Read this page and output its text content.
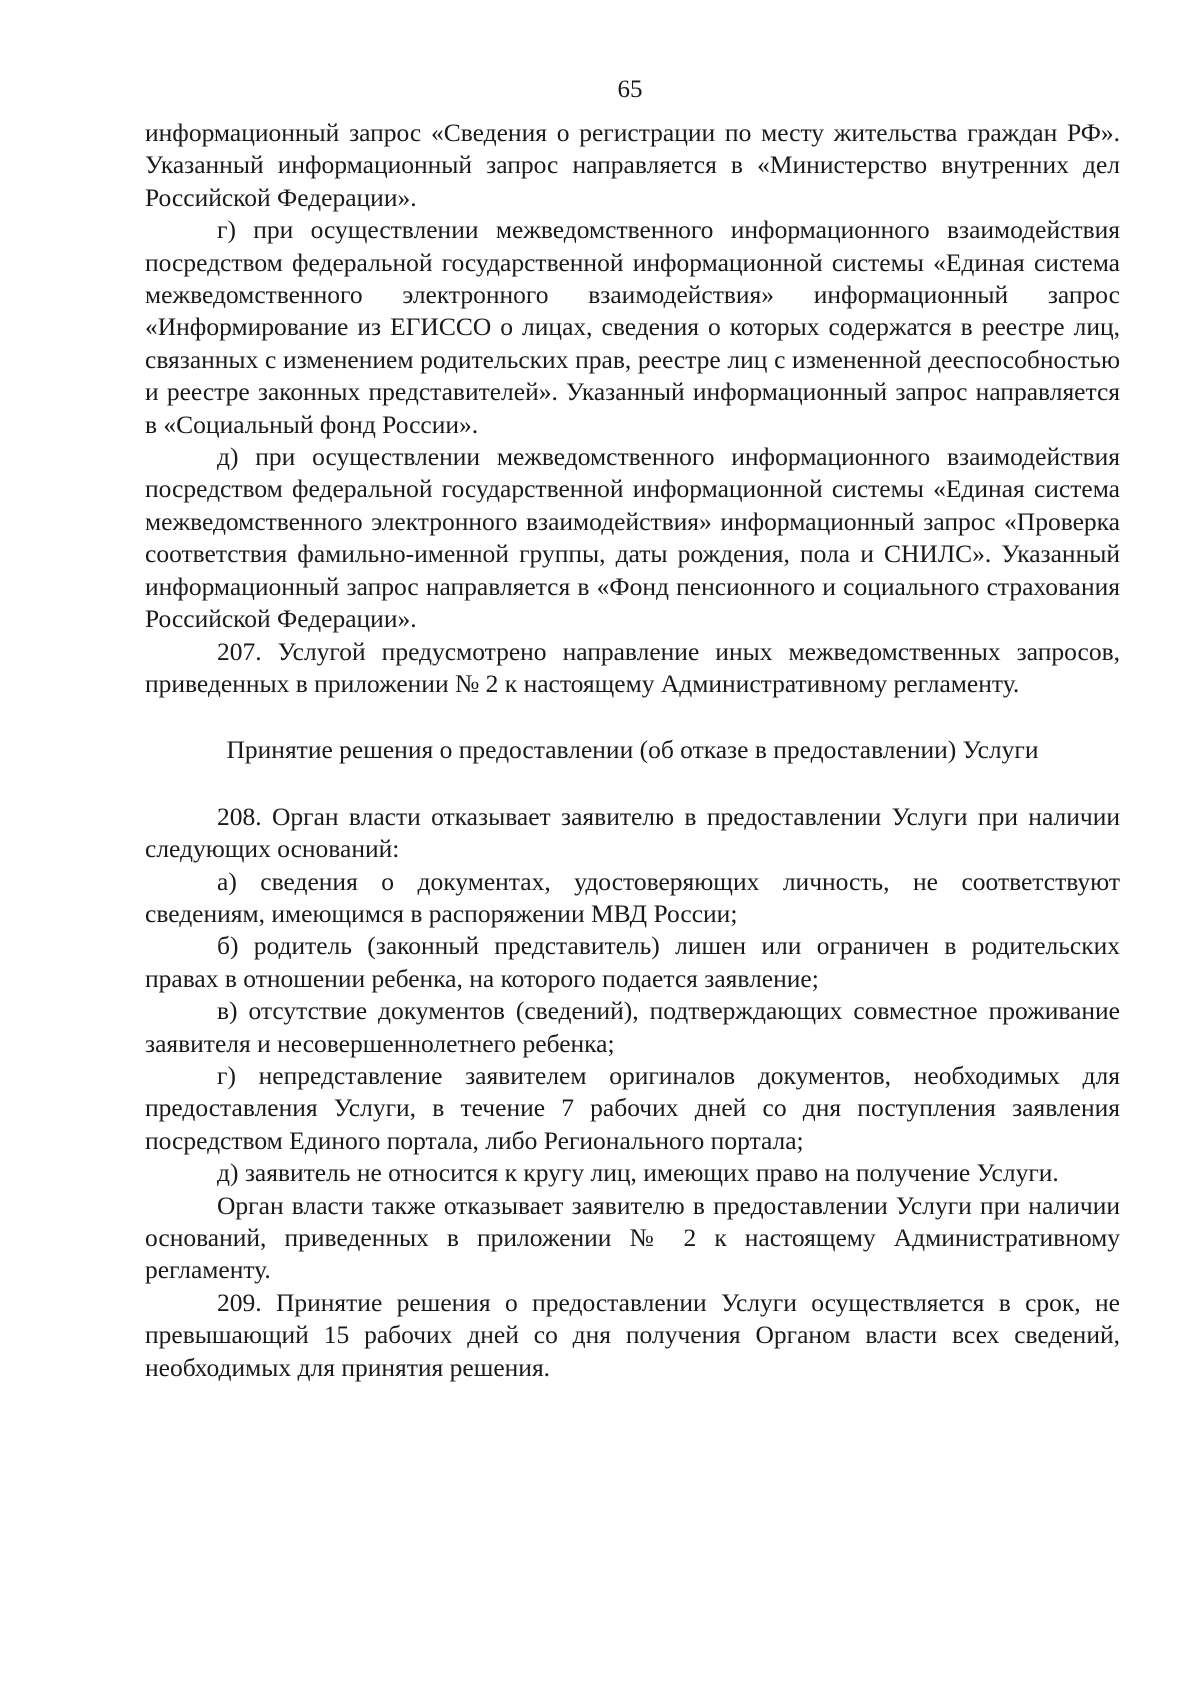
65

информационный запрос «Сведения о регистрации по месту жительства граждан РФ». Указанный информационный запрос направляется в «Министерство внутренних дел Российской Федерации».

г) при осуществлении межведомственного информационного взаимодействия посредством федеральной государственной информационной системы «Единая система межведомственного электронного взаимодействия» информационный запрос «Информирование из ЕГИССО о лицах, сведения о которых содержатся в реестре лиц, связанных с изменением родительских прав, реестре лиц с измененной дееспособностью и реестре законных представителей». Указанный информационный запрос направляется в «Социальный фонд России».

д) при осуществлении межведомственного информационного взаимодействия посредством федеральной государственной информационной системы «Единая система межведомственного электронного взаимодействия» информационный запрос «Проверка соответствия фамильно-именной группы, даты рождения, пола и СНИЛС». Указанный информационный запрос направляется в «Фонд пенсионного и социального страхования Российской Федерации».

207. Услугой предусмотрено направление иных межведомственных запросов, приведенных в приложении № 2 к настоящему Административному регламенту.

Принятие решения о предоставлении (об отказе в предоставлении) Услуги

208. Орган власти отказывает заявителю в предоставлении Услуги при наличии следующих оснований:

а) сведения о документах, удостоверяющих личность, не соответствуют сведениям, имеющимся в распоряжении МВД России;

б) родитель (законный представитель) лишен или ограничен в родительских правах в отношении ребенка, на которого подается заявление;

в) отсутствие документов (сведений), подтверждающих совместное проживание заявителя и несовершеннолетнего ребенка;

г) непредставление заявителем оригиналов документов, необходимых для предоставления Услуги, в течение 7 рабочих дней со дня поступления заявления посредством Единого портала, либо Регионального портала;

д) заявитель не относится к кругу лиц, имеющих право на получение Услуги.

Орган власти также отказывает заявителю в предоставлении Услуги при наличии оснований, приведенных в приложении № 2 к настоящему Административному регламенту.

209. Принятие решения о предоставлении Услуги осуществляется в срок, не превышающий 15 рабочих дней со дня получения Органом власти всех сведений, необходимых для принятия решения.
